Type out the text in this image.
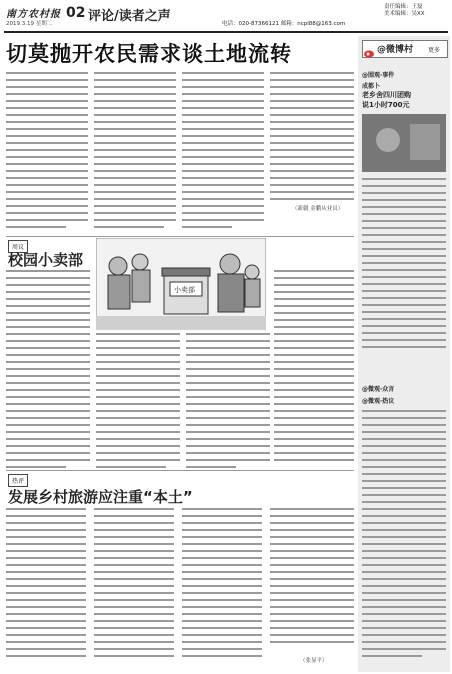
南方农村报
2019.3.19 星期二
02 评论/读者之声
责任编辑：王磊
美术编辑：吴XX
电话：020-87366121 邮箱：ncpl88@163.com
切莫抛开农民需求谈土地流转
（新疆 金鹏从业员）
周议
校园小卖部
小卖部
热评
发展乡村旅游应注重“本土”
（张显平）
@微博村 更多
@围观·事件
成都卜
老乡舍四川团购
说1小时700元
@微观·众言
@微观·热议
